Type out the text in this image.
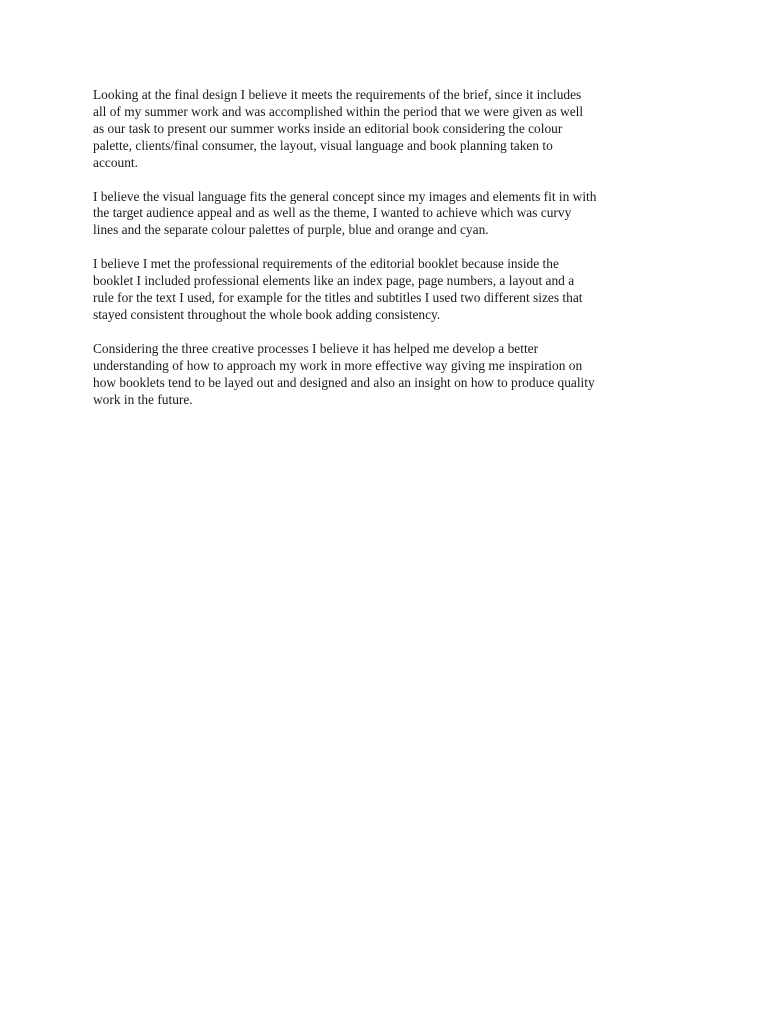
Looking at the final design I believe it meets the requirements of the brief, since it includes
all of my summer work and was accomplished within the period that we were given as well
as our task to present our summer works inside an editorial book considering the colour
palette, clients/final consumer, the layout, visual language and book planning taken to
account.

I believe the visual language fits the general concept since my images and elements fit in with
the target audience appeal and as well as the theme, I wanted to achieve which was curvy
lines and the separate colour palettes of purple, blue and orange and cyan.

I believe I met the professional requirements of the editorial booklet because inside the
booklet I included professional elements like an index page, page numbers, a layout and a
rule for the text I used, for example for the titles and subtitles I used two different sizes that
stayed consistent throughout the whole book adding consistency.

Considering the three creative processes I believe it has helped me develop a better
understanding of how to approach my work in more effective way giving me inspiration on
how booklets tend to be layed out and designed and also an insight on how to produce quality
work in the future.
